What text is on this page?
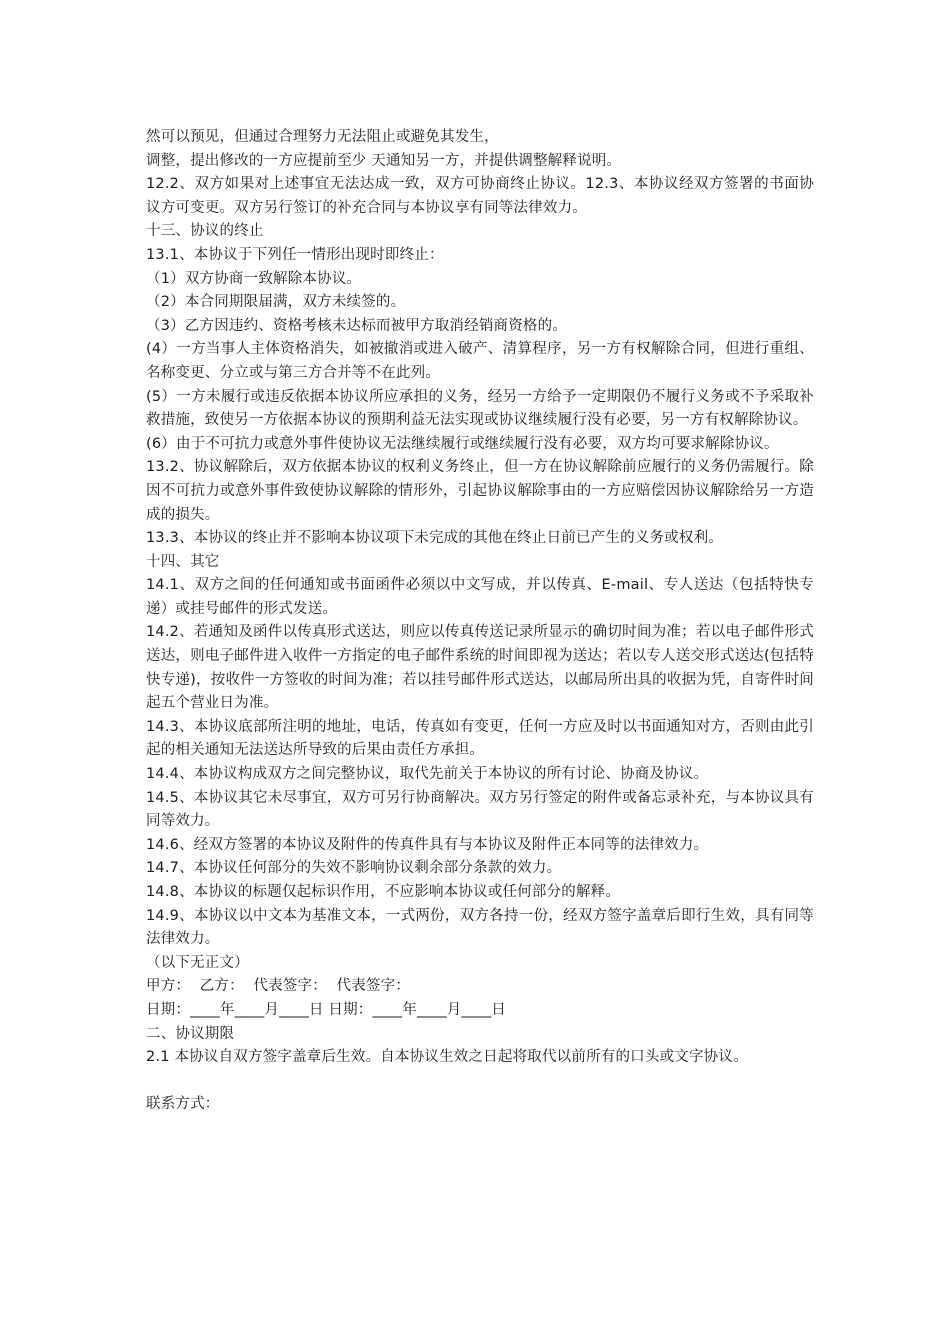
然可以预见，但通过合理努力无法阻止或避免其发生，

调整，提出修改的一方应提前至少 天通知另一方，并提供调整解释说明。

12.2、双方如果对上述事宜无法达成一致，双方可协商终止协议。12.3、本协议经双方签署的书面协议方可变更。双方另行签订的补充合同与本协议享有同等法律效力。

十三、协议的终止

13.1、本协议于下列任一情形出现时即终止：

（1）双方协商一致解除本协议。

（2）本合同期限届满，双方未续签的。

（3）乙方因违约、资格考核未达标而被甲方取消经销商资格的。

(4）一方当事人主体资格消失，如被撤消或进入破产、清算程序，另一方有权解除合同，但进行重组、名称变更、分立或与第三方合并等不在此列。

(5）一方未履行或违反依据本协议所应承担的义务，经另一方给予一定期限仍不履行义务或不予采取补救措施，致使另一方依据本协议的预期利益无法实现或协议继续履行没有必要，另一方有权解除协议。

(6）由于不可抗力或意外事件使协议无法继续履行或继续履行没有必要，双方均可要求解除协议。

13.2、协议解除后，双方依据本协议的权利义务终止，但一方在协议解除前应履行的义务仍需履行。除因不可抗力或意外事件致使协议解除的情形外，引起协议解除事由的一方应赔偿因协议解除给另一方造成的损失。

13.3、本协议的终止并不影响本协议项下未完成的其他在终止日前已产生的义务或权利。

十四、其它

14.1、双方之间的任何通知或书面函件必须以中文写成，并以传真、E-mail、专人送达（包括特快专递）或挂号邮件的形式发送。

14.2、若通知及函件以传真形式送达，则应以传真传送记录所显示的确切时间为准；若以电子邮件形式送达，则电子邮件进入收件一方指定的电子邮件系统的时间即视为送达；若以专人送交形式送达(包括特快专递)，按收件一方签收的时间为准；若以挂号邮件形式送达，以邮局所出具的收据为凭，自寄件时间起五个营业日为准。

14.3、本协议底部所注明的地址，电话，传真如有变更，任何一方应及时以书面通知对方，否则由此引起的相关通知无法送达所导致的后果由责任方承担。

14.4、本协议构成双方之间完整协议，取代先前关于本协议的所有讨论、协商及协议。

14.5、本协议其它未尽事宜，双方可另行协商解决。双方另行签定的附件或备忘录补充，与本协议具有同等效力。

14.6、经双方签署的本协议及附件的传真件具有与本协议及附件正本同等的法律效力。

14.7、本协议任何部分的失效不影响协议剩余部分条款的效力。

14.8、本协议的标题仅起标识作用，不应影响本协议或任何部分的解释。

14.9、本协议以中文本为基准文本，一式两份，双方各持一份，经双方签字盖章后即行生效，具有同等法律效力。

（以下无正文）

甲方：  乙方：  代表签字：  代表签字：

日期：____年____月____日 日期：____年____月____日

二、协议期限

2.1 本协议自双方签字盖章后生效。自本协议生效之日起将取代以前所有的口头或文字协议。

联系方式：
